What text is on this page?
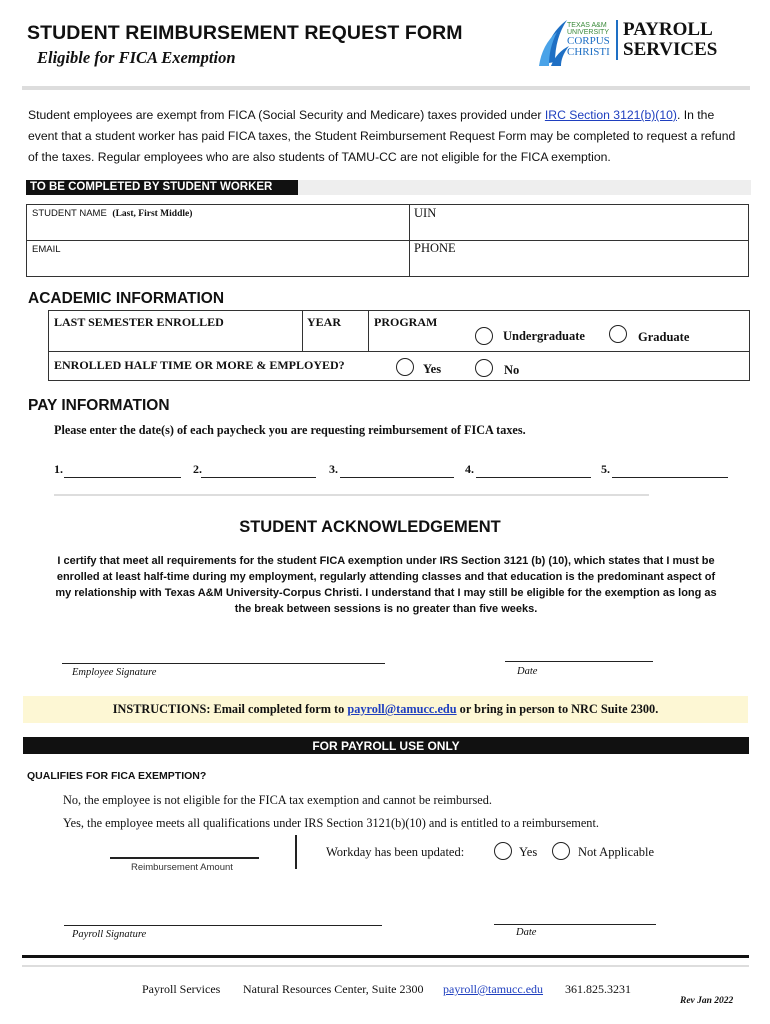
STUDENT REIMBURSEMENT REQUEST FORM
Eligible for FICA Exemption
TEXAS A&M
UNIVERSITY
CORPUS
CHRISTI
PAYROLL
SERVICES
Student employees are exempt from FICA (Social Security and Medicare) taxes provided under IRC Section 3121(b)(10). In the event that a student worker has paid FICA taxes, the Student Reimbursement Request Form may be completed to request a refund of the taxes. Regular employees who are also students of TAMU-CC are not eligible for the FICA exemption.
TO BE COMPLETED BY STUDENT WORKER
STUDENT NAME (Last, First Middle)	UIN
EMAIL	PHONE
ACADEMIC INFORMATION
LAST SEMESTER ENROLLED	YEAR	PROGRAM
ENROLLED HALF TIME OR MORE & EMPLOYED?
Undergraduate	Graduate
Yes	No
PAY INFORMATION
Please enter the date(s) of each paycheck you are requesting reimbursement of FICA taxes.
1.	2.	3.	4.	5.
STUDENT ACKNOWLEDGEMENT
I certify that meet all requirements for the student FICA exemption under IRS Section 3121 (b) (10), which states that I must be enrolled at least half-time during my employment, regularly attending classes and that education is the predominant aspect of my relationship with Texas A&M University-Corpus Christi. I understand that I may still be eligible for the exemption as long as the break between sessions is no greater than five weeks.
Employee Signature	Date
INSTRUCTIONS: Email completed form to payroll@tamucc.edu or bring in person to NRC Suite 2300.
FOR PAYROLL USE ONLY
QUALIFIES FOR FICA EXEMPTION?
No, the employee is not eligible for the FICA tax exemption and cannot be reimbursed.
Yes, the employee meets all qualifications under IRS Section 3121(b)(10) and is entitled to a reimbursement.
Reimbursement Amount
Workday has been updated:	Yes	Not Applicable
Payroll Signature	Date
Payroll Services Natural Resources Center, Suite 2300 payroll@tamucc.edu 361.825.3231
Rev Jan 2022
